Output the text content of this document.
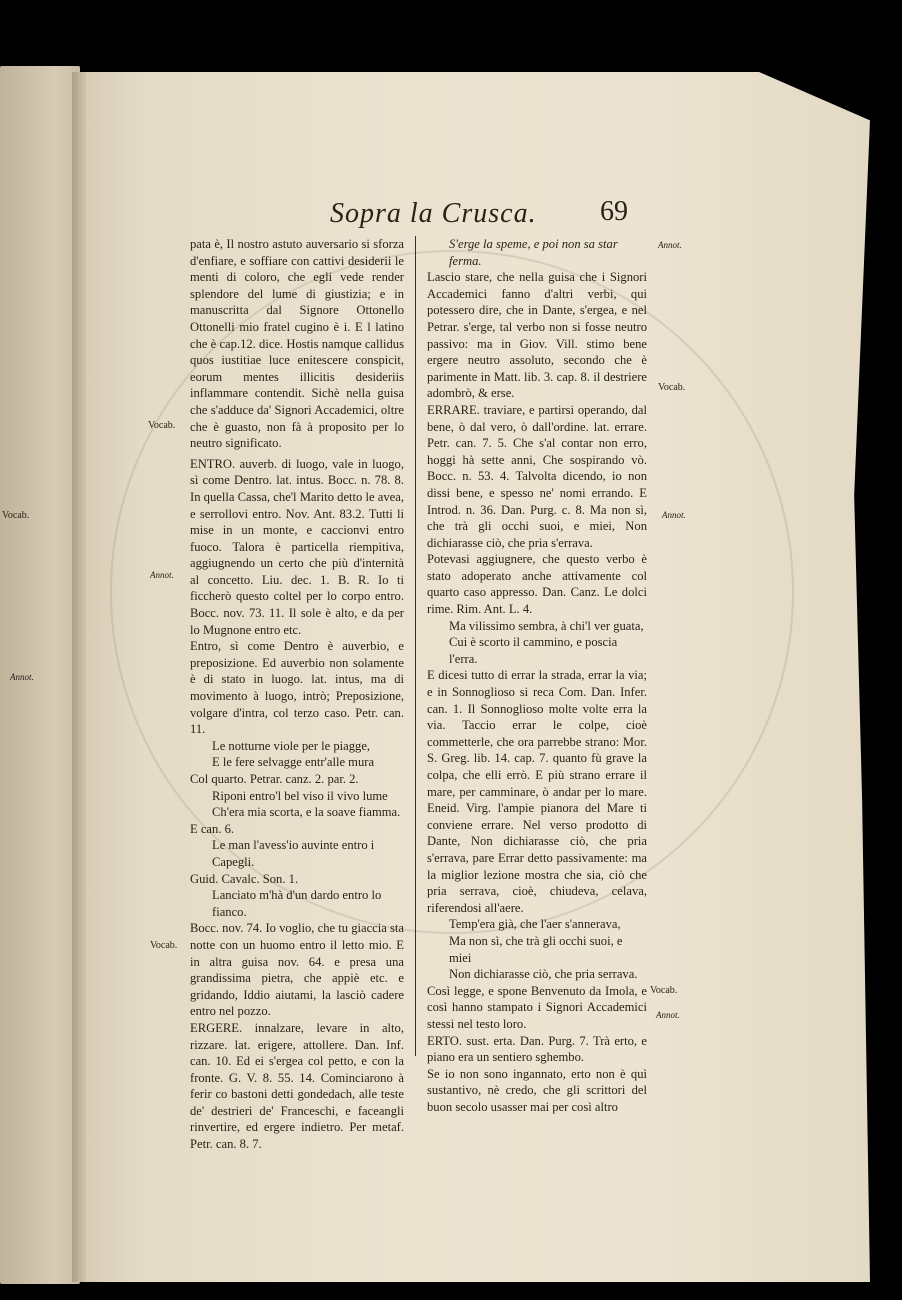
Vocab.
Annot.
Sopra la Crusca. 69
Vocab.
Annot.
Vocab.
Annot.
Vocab.
Annot.
Vocab.
Annot.

pata è, Il nostro astuto auversario si sforza d'enfiare, e soffiare con cattivi desiderii le menti di coloro, che egli vede render splendore del lume di giustizia; e in manuscritta dal Signore Ottonello Ottonelli mio fratel cugino è i. E l latino che è cap.12. dice. Hostis namque callidus quos iustitiae luce enitescere conspicit, eorum mentes illicitis desideriis inflammare contendit. Sichè nella guisa che s'adduce da' Signori Accademici, oltre che è guasto, non fà à proposito per lo neutro significato.

ENTRO. auverb. di luogo, vale in luogo, sì come Dentro. lat. intus. Bocc. n. 78. 8. In quella Cassa, che'l Marito detto le avea, e serrollovi entro. Nov. Ant. 83.2. Tutti li mise in un monte, e caccionvi entro fuoco. Talora è particella riempitiva, aggiugnendo un certo che più d'internità al concetto. Liu. dec. 1. B. R. Io ti ficcherò questo coltel per lo corpo entro. Bocc. nov. 73. 11. Il sole è alto, e da per lo Mugnone entro etc.

Entro, sì come Dentro è auverbio, e preposizione. Ed auverbio non solamente è di stato in luogo. lat. intus, ma di movimento à luogo, intrò; Preposizione, volgare d'intra, col terzo caso. Petr. can. 11.

Le notturne viole per le piagge,

E le fere selvagge entr'alle mura

Col quarto. Petrar. canz. 2. par. 2.

Riponi entro'l bel viso il vivo lume

Ch'era mia scorta, e la soave fiamma.

E can. 6.

Le man l'avess'io auvinte entro i Capegli.

Guid. Cavalc. Son. 1.

Lanciato m'hà d'un dardo entro lo fianco.

Bocc. nov. 74. Io voglio, che tu giaccia sta notte con un huomo entro il letto mio. E in altra guisa nov. 64. e presa una grandissima pietra, che appiè etc. e gridando, Iddio aiutami, la lasciò cadere entro nel pozzo.

ERGERE. innalzare, levare in alto, rizzare. lat. erigere, attollere. Dan. Inf. can. 10. Ed ei s'ergea col petto, e con la fronte. G. V. 8. 55. 14. Cominciarono à ferir co bastoni detti gondedach, alle teste de' destrieri de' Franceschi, e faceangli rinvertire, ed ergere indietro. Per metaf. Petr. can. 8. 7.

S'erge la speme, e poi non sa star ferma.

Lascio stare, che nella guisa che i Signori Accademici fanno d'altri verbi, qui potessero dire, che in Dante, s'ergea, e nel Petrar. s'erge, tal verbo non si fosse neutro passivo: ma in Giov. Vill. stimo bene ergere neutro assoluto, secondo che è parimente in Matt. lib. 3. cap. 8. il destriere adombrò, & erse.

ERRARE. traviare, e partirsi operando, dal bene, ò dal vero, ò dall'ordine. lat. errare. Petr. can. 7. 5. Che s'al contar non erro, hoggi hà sette anni, Che sospirando vò. Bocc. n. 53. 4. Talvolta dicendo, io non dissi bene, e spesso ne' nomi errando. E Introd. n. 36. Dan. Purg. c. 8. Ma non sì, che trà gli occhi suoi, e miei, Non dichiarasse ciò, che pria s'errava.

Potevasi aggiugnere, che questo verbo è stato adoperato anche attivamente col quarto caso appresso. Dan. Canz. Le dolci rime. Rim. Ant. L. 4.

Ma vilissimo sembra, à chi'l ver guata,

Cui è scorto il cammino, e poscia l'erra.

E dicesi tutto di errar la strada, errar la via; e in Sonnoglioso si reca Com. Dan. Infer. can. 1. Il Sonnoglioso molte volte erra la via. Taccio errar le colpe, cioè commetterle, che ora parrebbe strano: Mor. S. Greg. lib. 14. cap. 7. quanto fù grave la colpa, che elli errò. E più strano errare il mare, per camminare, ò andar per lo mare. Eneid. Virg. l'ampie pianora del Mare ti conviene errare. Nel verso prodotto di Dante, Non dichiarasse ciò, che pria s'errava, pare Errar detto passivamente: ma la miglior lezione mostra che sia, ciò che pria serrava, cioè, chiudeva, celava, riferendosi all'aere.

Temp'era già, che l'aer s'annerava,

Ma non sì, che trà gli occhi suoi, e miei

Non dichiarasse ciò, che pria serrava.

Così legge, e spone Benvenuto da Imola, e così hanno stampato i Signori Accademici stessi nel testo loro.

ERTO. sust. erta. Dan. Purg. 7. Trà erto, e piano era un sentiero sghembo.

Se io non sono ingannato, erto non è quì sustantivo, nè credo, che gli scrittori del buon secolo usasser mai per così altro
